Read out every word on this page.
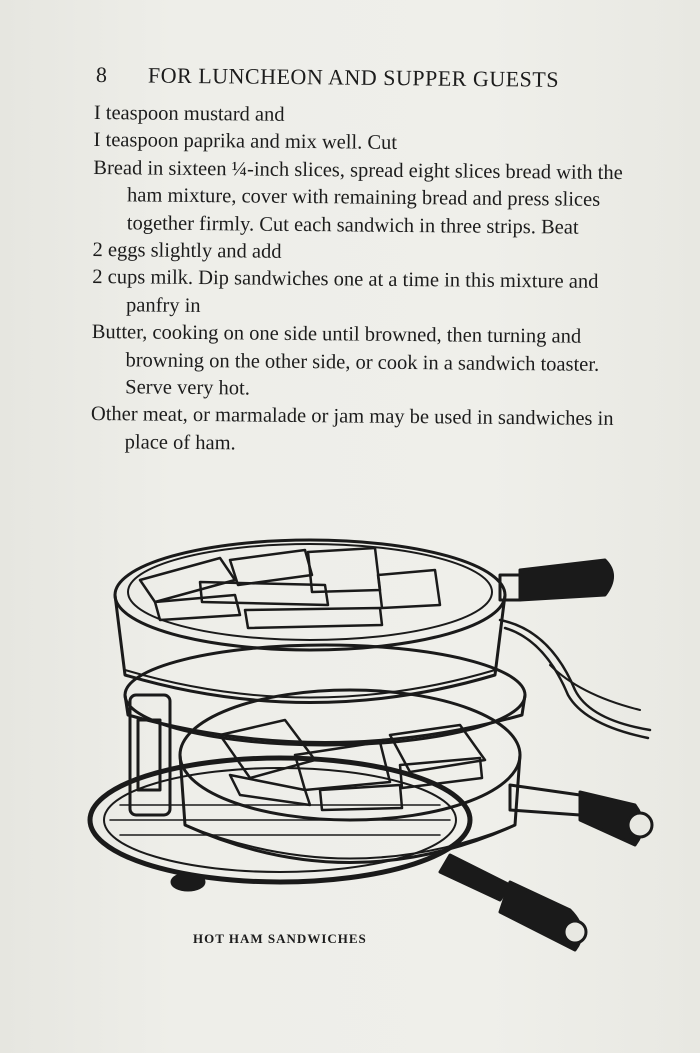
8 FOR LUNCHEON AND SUPPER GUESTS

I teaspoon mustard and

I teaspoon paprika and mix well. Cut

Bread in sixteen ¼-inch slices, spread eight slices bread with the ham mixture, cover with remaining bread and press slices together firmly. Cut each sandwich in three strips. Beat

2 eggs slightly and add

2 cups milk. Dip sandwiches one at a time in this mixture and panfry in

Butter, cooking on one side until browned, then turning and browning on the other side, or cook in a sandwich toaster. Serve very hot.

Other meat, or marmalade or jam may be used in sandwiches in place of ham.

HOT HAM SANDWICHES
